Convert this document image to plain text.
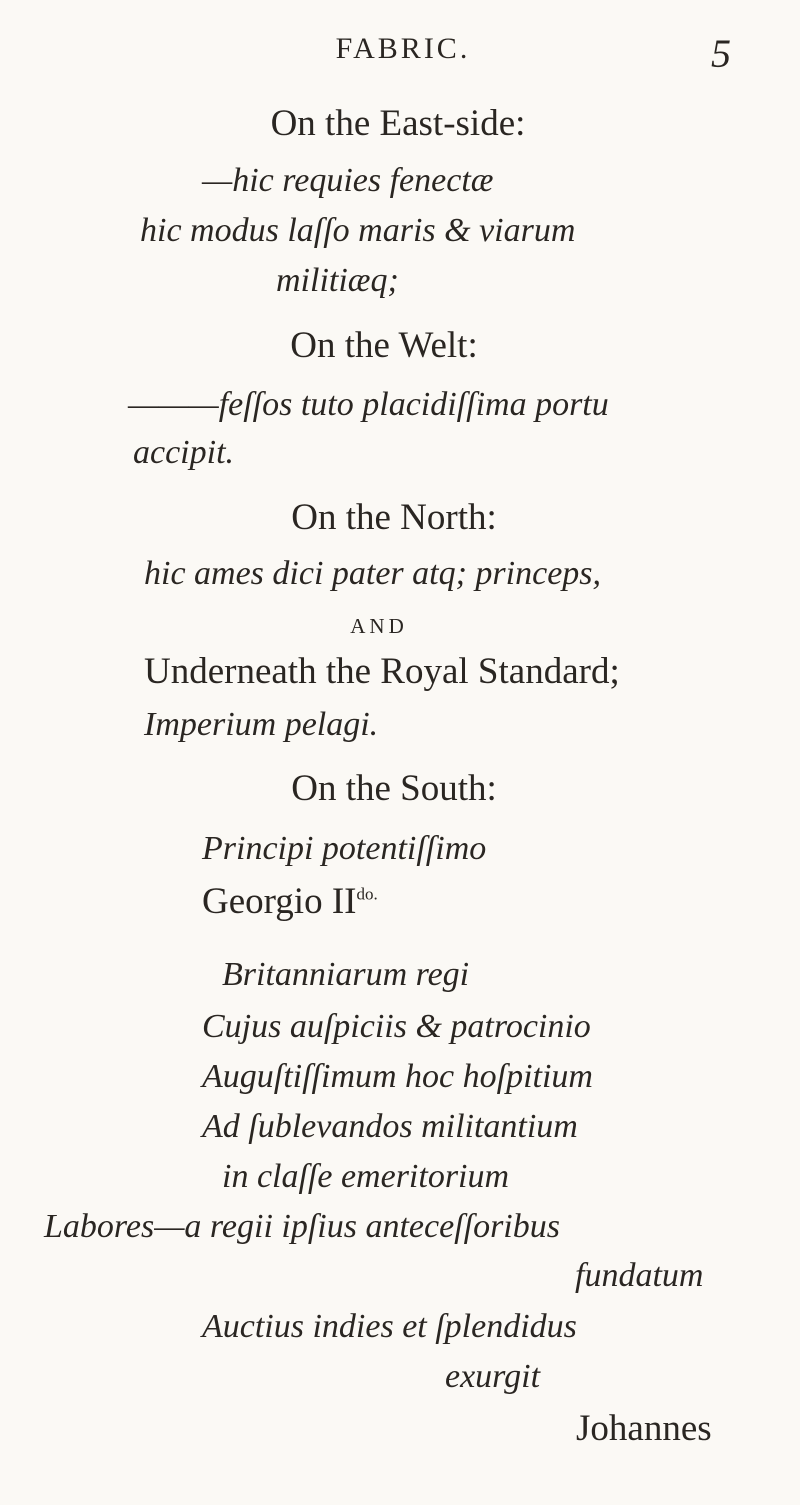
FABRIC.	5
On the East-side:
—hic requies fenectæ
hic modus laſſo maris & viarum
militiæq;
On the Welt:
———feſſos tuto placidiſſima portu
accipit.
On the North:
hic ames dici pater atq; princeps,
AND
Underneath the Royal Standard;
Imperium pelagi.
On the South:
Principi potentiſſimo
Georgio $II^{do.}$
Britanniarum regi
Cujus auſpiciis & patrocinio
Auguſtiſſimum hoc hoſpitium
Ad ſublevandos militantium
in claſſe emeritorium
Labores—a regii ipſius anteceſſoribus
fundatum
Auctius indies et ſplendidus
exurgit
Johannes
